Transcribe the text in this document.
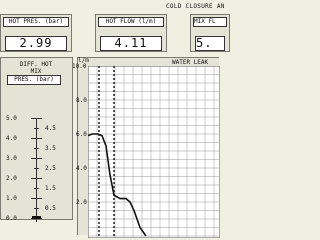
COLD CLOSURE AN
HOT PRES. (bar)
2.99
HOT FLOW (l/m)
4.11
MIX FL
5.
DIFF. HOT
MIX
PRES. (bar)
5.0
4.0
3.0
2.0
1.0
0.0
4.5
3.5
2.5
1.5
0.5
WATER LEAK
l/m
10.0
8.0
6.0
4.0
2.0
